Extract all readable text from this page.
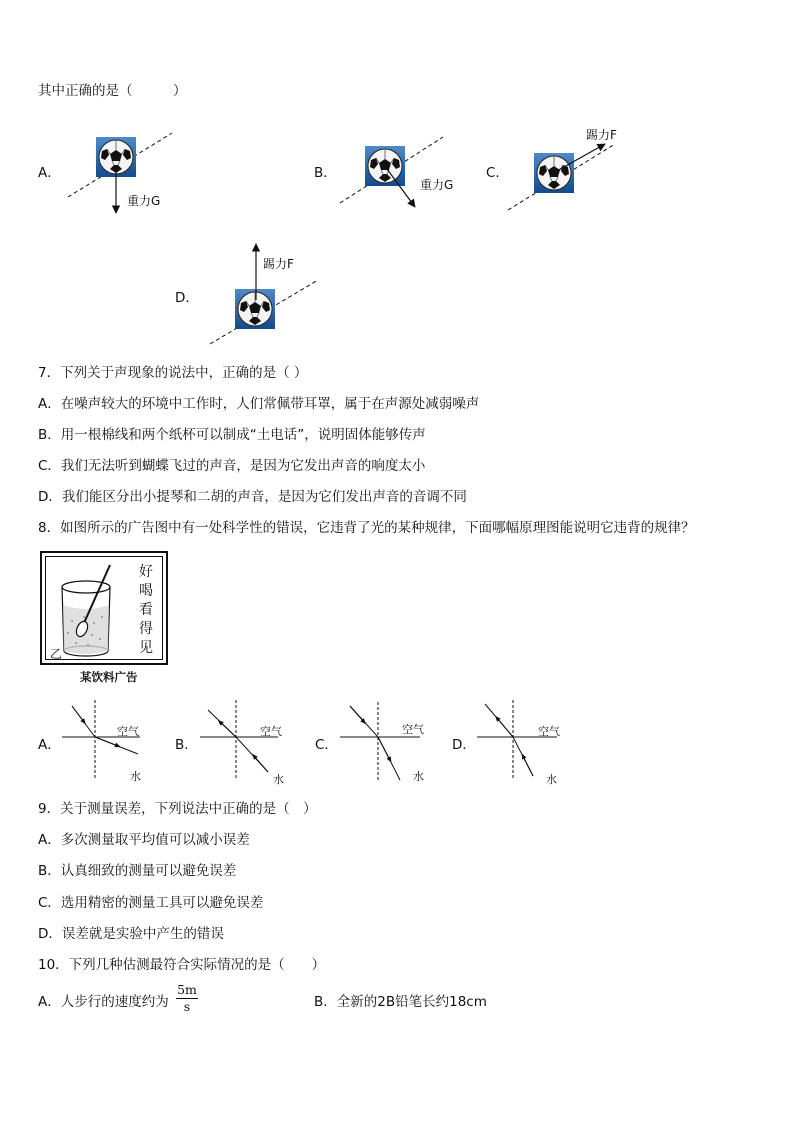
其中正确的是（　　　）
A．
重力G
B．
重力G
C．
踢力F
D．
踢力F
7．下列关于声现象的说法中，正确的是（ ）
A．在噪声较大的环境中工作时，人们常佩带耳罩，属于在声源处减弱噪声
B．用一根棉线和两个纸杯可以制成“土电话”，说明固体能够传声
C．我们无法听到蝴蝶飞过的声音，是因为它发出声音的响度太小
D．我们能区分出小提琴和二胡的声音，是因为它们发出声音的音调不同
8．如图所示的广告图中有一处科学性的错误，它违背了光的某种规律，下面哪幅原理图能说明它违背的规律？
好
喝
看
得
见
乙
某饮料广告
A．
空气
水
B．
空气
水
C．
空气
水
D．
空气
水
9．关于测量误差，下列说法中正确的是（　）
A．多次测量取平均值可以减小误差
B．认真细致的测量可以避免误差
C．选用精密的测量工具可以避免误差
D．误差就是实验中产生的错误
10．下列几种估测最符合实际情况的是（　　）
A．人步行的速度约为 $\frac{5m}{s}$	B．全新的2B铅笔长约18cm
